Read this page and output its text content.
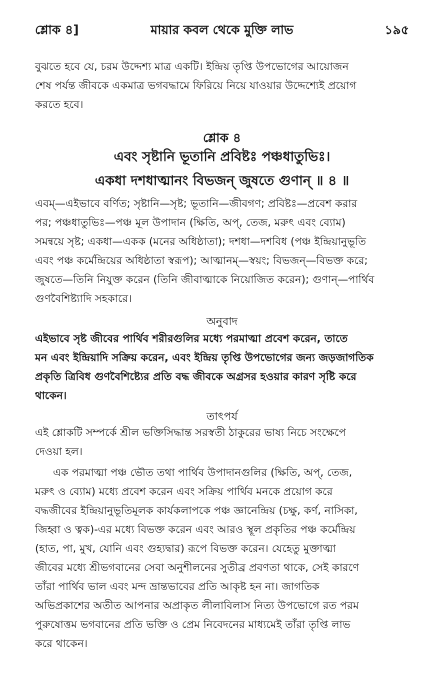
শ্লোক ৪]	মায়ার কবল থেকে মুক্তি লাভ	১৯৫
বুঝতে হবে যে, চরম উদ্দেশ্য মাত্র একটি। ইন্দ্রিয় তৃপ্তি উপভোগের আয়োজন
শেষ পর্যন্ত জীবকে একমাত্র ভগবদ্ধামে ফিরিয়ে নিয়ে যাওয়ার উদ্দেশ্যেই প্রয়োগ
করতে হবে।
শ্লোক ৪
এবং সৃষ্টানি ভূতানি প্রবিষ্টঃ পঞ্চধাতুভিঃ।
একধা দশধাত্মানং বিভজন্ জুষতে গুণান্ ॥ ৪ ॥
এবম্—এইভাবে বর্ণিত; সৃষ্টানি—সৃষ্ট; ভূতানি—জীবগণ; প্রবিষ্টঃ—প্রবেশ করার
পর; পঞ্চধাতুভিঃ—পঞ্চ মূল উপাদান (ক্ষিতি, অপ্, তেজ, মরুৎ এবং ব্যোম)
সমন্বয়ে সৃষ্ট; একধা—একক (মনের অধিষ্ঠাতা); দশধা—দশবিধ (পঞ্চ ইন্দ্রিয়ানুভূতি
এবং পঞ্চ কর্মেন্দ্রিয়ের অধিষ্ঠাতা স্বরূপ); আত্মানম্—স্বয়ং; বিভজন্—বিভক্ত করে;
জুষতে—তিনি নিযুক্ত করেন (তিনি জীবাত্মাকে নিয়োজিত করেন); গুণান্—পার্থিব
গুণবৈশিষ্ট্যাদি সহকারে।
অনুবাদ
এইভাবে সৃষ্ট জীবের পার্থিব শরীরগুলির মধ্যে পরমাত্মা প্রবেশ করেন, তাতে
মন এবং ইন্দ্রিয়াদি সক্রিয় করেন, এবং ইন্দ্রিয় তৃপ্তি উপভোগের জন্য জড়জাগতিক
প্রকৃতি ত্রিবিধ গুণবৈশিষ্ট্যের প্রতি বদ্ধ জীবকে অগ্রসর হওয়ার কারণ সৃষ্টি করে
থাকেন।
তাৎপর্য
এই শ্লোকটি সম্পর্কে শ্রীল ভক্তিসিদ্ধান্ত সরস্বতী ঠাকুরের ভাষ্য নিচে সংক্ষেপে
দেওয়া হল।
এক পরমাত্মা পঞ্চ ভৌত তথা পার্থিব উপাদানগুলির (ক্ষিতি, অপ্, তেজ,
মরুৎ ও ব্যোম) মধ্যে প্রবেশ করেন এবং সক্রিয় পার্থিব মনকে প্রয়োগ করে
বদ্ধজীবের ইন্দ্রিয়ানুভূতিমূলক কার্যকলাপকে পঞ্চ জ্ঞানেন্দ্রিয় (চক্ষু, কর্ণ, নাসিকা,
জিহ্বা ও ত্বক)-এর মধ্যে বিভক্ত করেন এবং আরও স্থূল প্রকৃতির পঞ্চ কর্মেন্দ্রিয়
(হাত, পা, মুখ, যোনি এবং গুহ্যদ্বার) রূপে বিভক্ত করেন। যেহেতু মুক্তাত্মা
জীবের মধ্যে শ্রীভগবানের সেবা অনুশীলনের সুতীব্র প্রবণতা থাকে, সেই কারণে
তাঁরা পার্থিব ভাল এবং মন্দ ভ্রান্তভাবের প্রতি আকৃষ্ট হন না। জাগতিক
অভিপ্রকাশের অতীত আপনার অপ্রাকৃত লীলাবিলাস নিত্য উপভোগে রত পরম
পুরুষোত্তম ভগবানের প্রতি ভক্তি ও প্রেম নিবেদনের মাধ্যমেই তাঁরা তৃপ্তি লাভ
করে থাকেন।
